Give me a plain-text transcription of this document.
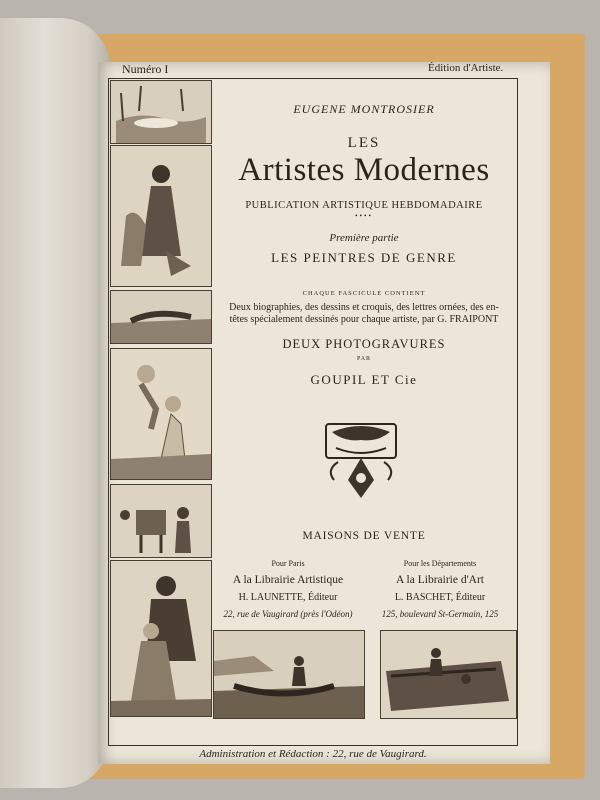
Numéro I	Édition d'Artiste.
EUGENE MONTROSIER
LES
Artistes Modernes
PUBLICATION ARTISTIQUE HEBDOMADAIRE
••••
Première partie
LES PEINTRES DE GENRE
CHAQUE FASCICULE CONTIENT
Deux biographies, des dessins et croquis, des lettres ornées, des en-têtes spécialement dessinés pour chaque artiste, par G. FRAIPONT
DEUX PHOTOGRAVURES
PAR
GOUPIL ET Cie
MAISONS DE VENTE
Pour Paris
A la Librairie Artistique
H. LAUNETTE, Éditeur
22, rue de Vaugirard (près l'Odéon)
Pour les Départements
A la Librairie d'Art
L. BASCHET, Éditeur
125, boulevard St-Germain, 125
Administration et Rédaction : 22, rue de Vaugirard.
